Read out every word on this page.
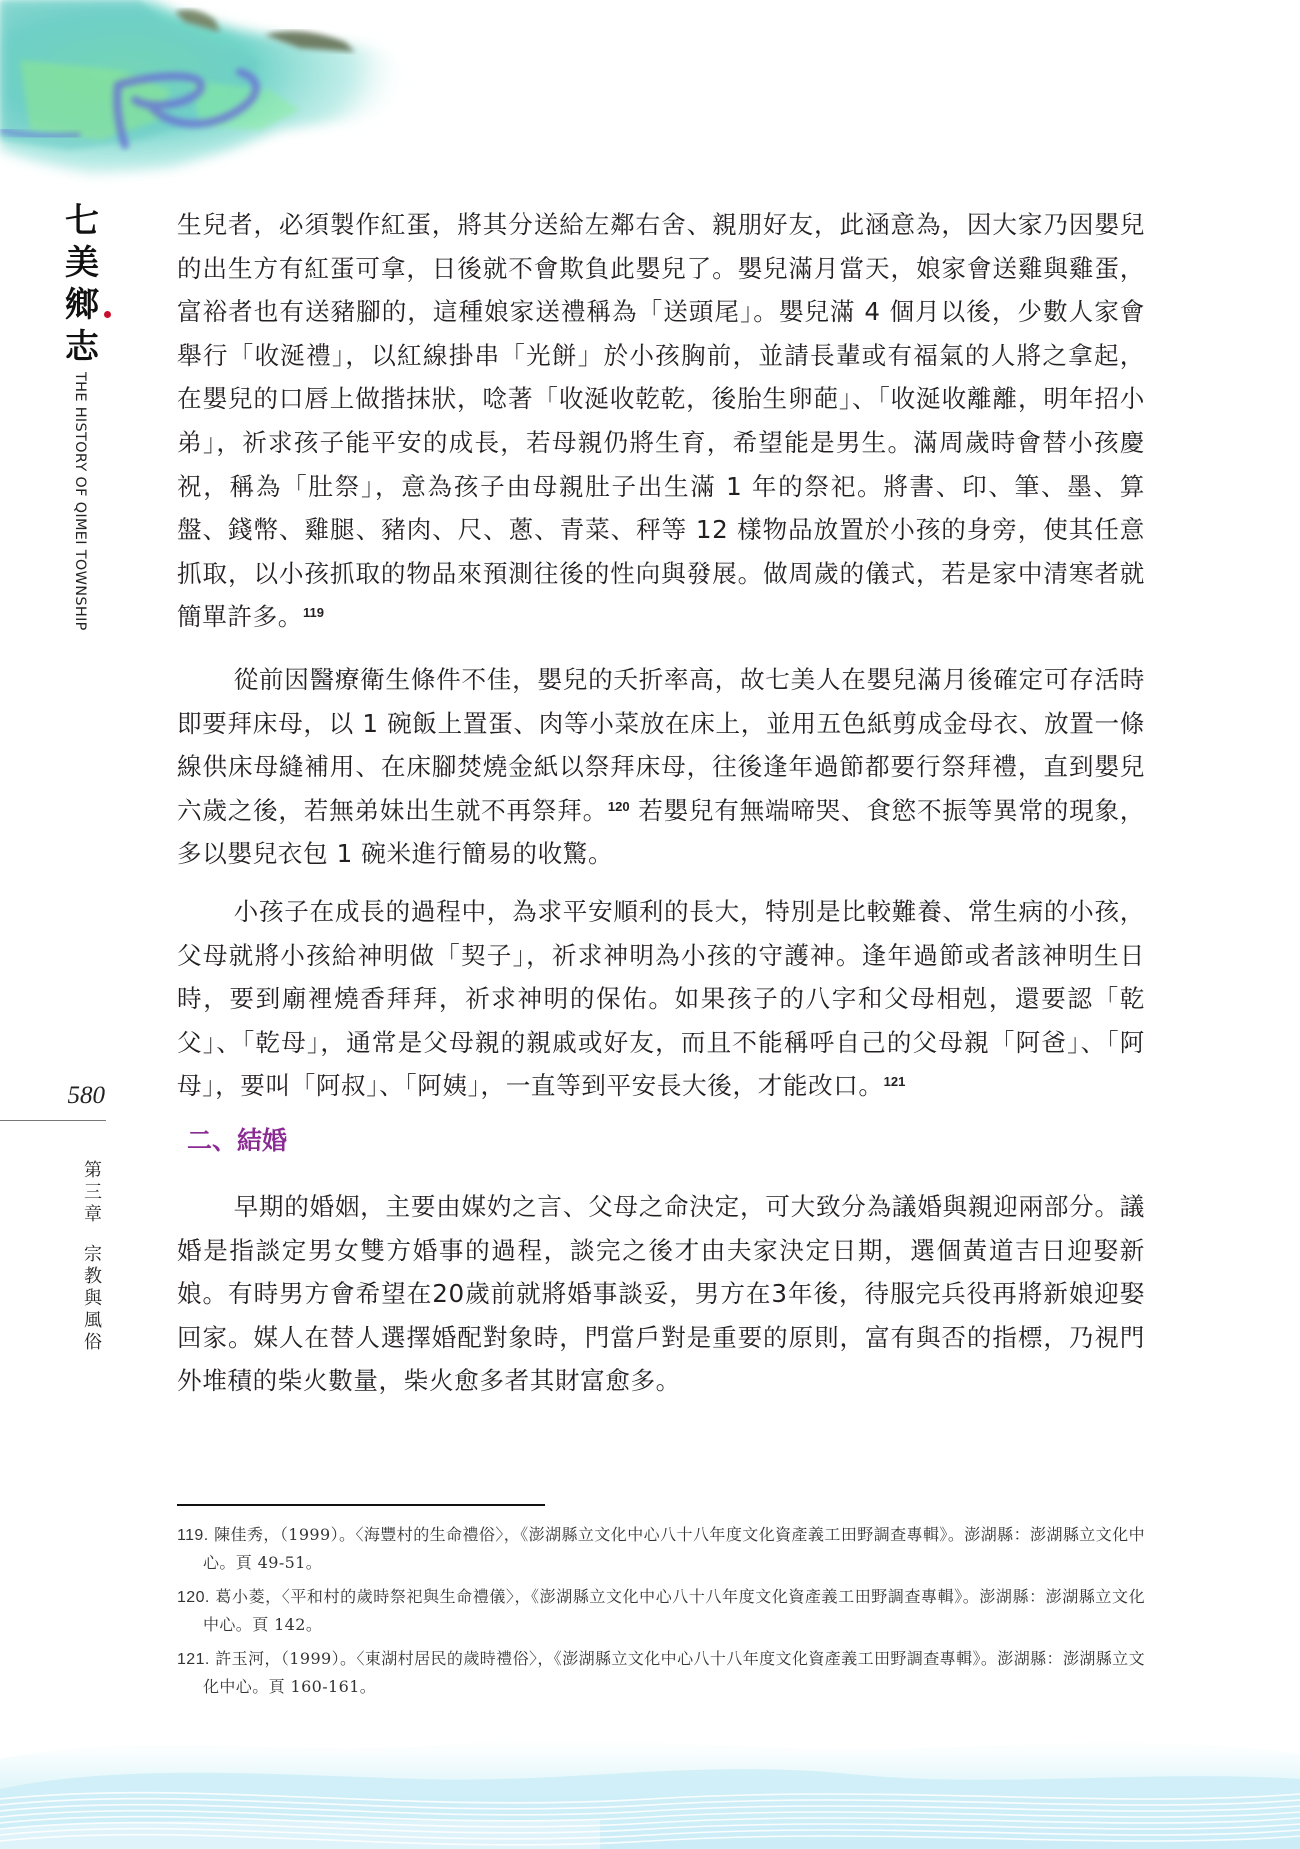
七
美
鄉
志
THE HISTORY OF QIMEI TOWNSHIP
580
第
三
章
宗
教
與
風
俗

生兒者，必須製作紅蛋，將其分送給左鄰右舍、親朋好友，此涵意為，因大家乃因嬰兒的出生方有紅蛋可拿，日後就不會欺負此嬰兒了。嬰兒滿月當天，娘家會送雞與雞蛋，富裕者也有送豬腳的，這種娘家送禮稱為「送頭尾」。嬰兒滿 4 個月以後，少數人家會舉行「收涎禮」，以紅線掛串「光餅」於小孩胸前，並請長輩或有福氣的人將之拿起，在嬰兒的口唇上做揩抹狀，唸著「收涎收乾乾，後胎生卵葩」、「收涎收離離，明年招小弟」，祈求孩子能平安的成長，若母親仍將生育，希望能是男生。滿周歲時會替小孩慶祝，稱為「肚祭」，意為孩子由母親肚子出生滿 1 年的祭祀。將書、印、筆、墨、算盤、錢幣、雞腿、豬肉、尺、蔥、青菜、秤等 12 樣物品放置於小孩的身旁，使其任意抓取，以小孩抓取的物品來預測往後的性向與發展。做周歲的儀式，若是家中清寒者就簡單許多。$^{119}$

從前因醫療衛生條件不佳，嬰兒的夭折率高，故七美人在嬰兒滿月後確定可存活時即要拜床母，以 1 碗飯上置蛋、肉等小菜放在床上，並用五色紙剪成金母衣、放置一條線供床母縫補用、在床腳焚燒金紙以祭拜床母，往後逢年過節都要行祭拜禮，直到嬰兒六歲之後，若無弟妹出生就不再祭拜。$^{120}$ 若嬰兒有無端啼哭、食慾不振等異常的現象，多以嬰兒衣包 1 碗米進行簡易的收驚。

小孩子在成長的過程中，為求平安順利的長大，特別是比較難養、常生病的小孩，父母就將小孩給神明做「契子」，祈求神明為小孩的守護神。逢年過節或者該神明生日時，要到廟裡燒香拜拜，祈求神明的保佑。如果孩子的八字和父母相剋，還要認「乾父」、「乾母」，通常是父母親的親戚或好友，而且不能稱呼自己的父母親「阿爸」、「阿母」，要叫「阿叔」、「阿姨」，一直等到平安長大後，才能改口。$^{121}$

二、結婚

早期的婚姻，主要由媒妁之言、父母之命決定，可大致分為議婚與親迎兩部分。議婚是指談定男女雙方婚事的過程，談完之後才由夫家決定日期，選個黃道吉日迎娶新娘。有時男方會希望在20歲前就將婚事談妥，男方在3年後，待服完兵役再將新娘迎娶回家。媒人在替人選擇婚配對象時，門當戶對是重要的原則，富有與否的指標，乃視門外堆積的柴火數量，柴火愈多者其財富愈多。

119. 陳佳秀，（1999）。〈海豐村的生命禮俗〉，《澎湖縣立文化中心八十八年度文化資產義工田野調查專輯》。澎湖縣：澎湖縣立文化中心。頁 49-51。

120. 葛小菱，〈平和村的歲時祭祀與生命禮儀〉，《澎湖縣立文化中心八十八年度文化資產義工田野調查專輯》。澎湖縣：澎湖縣立文化中心。頁 142。

121. 許玉河，（1999）。〈東湖村居民的歲時禮俗〉，《澎湖縣立文化中心八十八年度文化資產義工田野調查專輯》。澎湖縣：澎湖縣立文化中心。頁 160-161。
